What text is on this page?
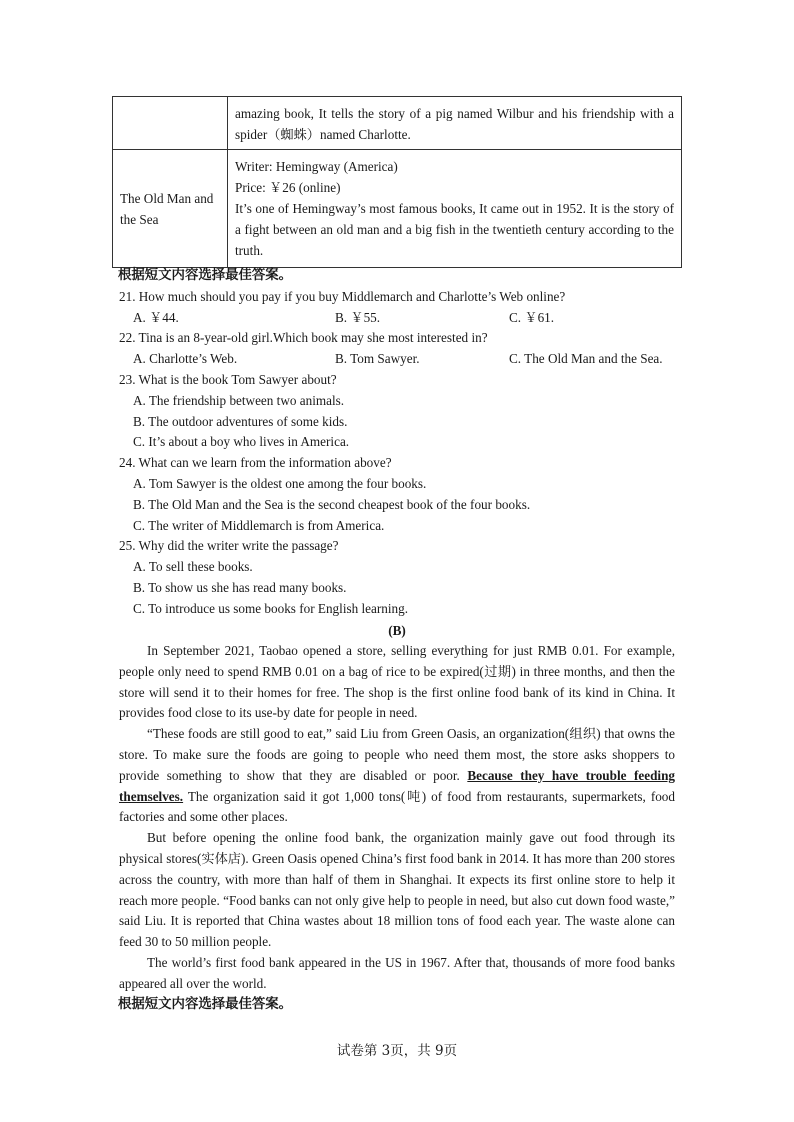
	amazing book, It tells the story of a pig named Wilbur and his friendship with a spider（蜘蛛）named Charlotte.
The Old Man and the Sea	Writer: Hemingway (America)
Price: ￥26 (online)
It’s one of Hemingway’s most famous books, It came out in 1952. It is the story of a fight between an old man and a big fish in the twentieth century according to the truth.
根据短文内容选择最佳答案。
21. How much should you pay if you buy Middlemarch and Charlotte’s Web online?
A. ￥44.	B. ￥55.	C. ￥61.
22. Tina is an 8-year-old girl.Which book may she most interested in?
A. Charlotte’s Web.	B. Tom Sawyer.	C. The Old Man and the Sea.
23. What is the book Tom Sawyer about?
A. The friendship between two animals.
B. The outdoor adventures of some kids.
C. It’s about a boy who lives in America.
24. What can we learn from the information above?
A. Tom Sawyer is the oldest one among the four books.
B. The Old Man and the Sea is the second cheapest book of the four books.
C. The writer of Middlemarch is from America.
25. Why did the writer write the passage?
A. To sell these books.
B. To show us she has read many books.
C. To introduce us some books for English learning.
(B)

In September 2021, Taobao opened a store, selling everything for just RMB 0.01. For example, people only need to spend RMB 0.01 on a bag of rice to be expired(过期) in three months, and then the store will send it to their homes for free. The shop is the first online food bank of its kind in China. It provides food close to its use-by date for people in need.

“These foods are still good to eat,” said Liu from Green Oasis, an organization(组织) that owns the store. To make sure the foods are going to people who need them most, the store asks shoppers to provide something to show that they are disabled or poor. Because they have trouble feeding themselves. The organization said it got 1,000 tons(吨) of food from restaurants, supermarkets, food factories and some other places.

But before opening the online food bank, the organization mainly gave out food through its physical stores(实体店). Green Oasis opened China’s first food bank in 2014. It has more than 200 stores across the country, with more than half of them in Shanghai. It expects its first online store to help it reach more people. “Food banks can not only give help to people in need, but also cut down food waste,” said Liu. It is reported that China wastes about 18 million tons of food each year. The waste alone can feed 30 to 50 million people.

The world’s first food bank appeared in the US in 1967. After that, thousands of more food banks appeared all over the world.

根据短文内容选择最佳答案。
试卷第 3页，共 9页
